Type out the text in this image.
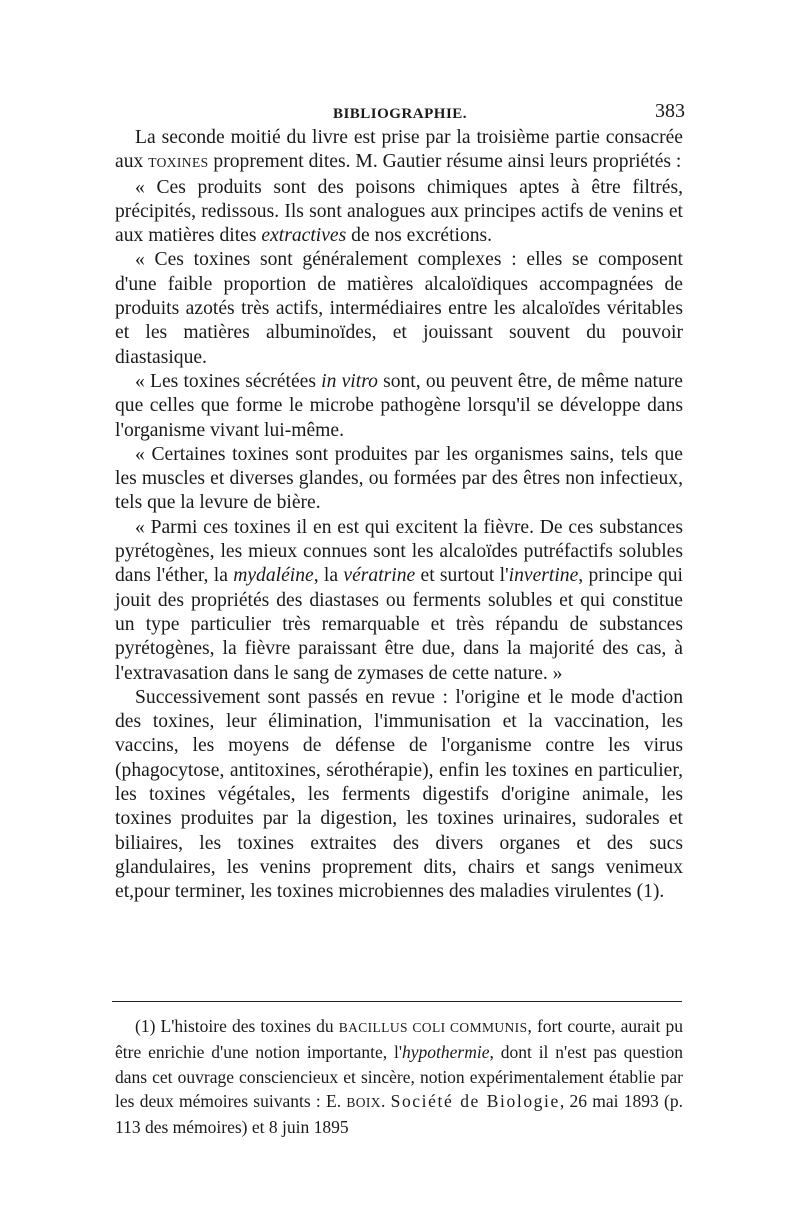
BIBLIOGRAPHIE.	383

La seconde moitié du livre est prise par la troisième partie consacrée aux TOXINES proprement dites. M. Gautier résume ainsi leurs propriétés :

« Ces produits sont des poisons chimiques aptes à être filtrés, précipités, redissous. Ils sont analogues aux principes actifs de venins et aux matières dites extractives de nos excrétions.

« Ces toxines sont généralement complexes : elles se composent d'une faible proportion de matières alcaloïdiques accompagnées de produits azotés très actifs, intermédiaires entre les alcaloïdes véritables et les matières albuminoïdes, et jouissant souvent du pouvoir diastasique.

« Les toxines sécrétées in vitro sont, ou peuvent être, de même nature que celles que forme le microbe pathogène lorsqu'il se développe dans l'organisme vivant lui-même.

« Certaines toxines sont produites par les organismes sains, tels que les muscles et diverses glandes, ou formées par des êtres non infectieux, tels que la levure de bière.

« Parmi ces toxines il en est qui excitent la fièvre. De ces substances pyrétogènes, les mieux connues sont les alcaloïdes putréfactifs solubles dans l'éther, la mydaléine, la vératrine et surtout l'invertine, principe qui jouit des propriétés des diastases ou ferments solubles et qui constitue un type particulier très remarquable et très répandu de substances pyrétogènes, la fièvre paraissant être due, dans la majorité des cas, à l'extravasation dans le sang de zymases de cette nature. »

Successivement sont passés en revue : l'origine et le mode d'action des toxines, leur élimination, l'immunisation et la vaccination, les vaccins, les moyens de défense de l'organisme contre les virus (phagocytose, antitoxines, sérothérapie), enfin les toxines en particulier, les toxines végétales, les ferments digestifs d'origine animale, les toxines produites par la digestion, les toxines urinaires, sudorales et biliaires, les toxines extraites des divers organes et des sucs glandulaires, les venins proprement dits, chairs et sangs venimeux et,pour terminer, les toxines microbiennes des maladies virulentes (1).

(1) L'histoire des toxines du BACILLUS COLI COMMUNIS, fort courte, aurait pu être enrichie d'une notion importante, l'hypothermie, dont il n'est pas question dans cet ouvrage consciencieux et sincère, notion expérimentalement établie par les deux mémoires suivants : E. BOIX. Société de Biologie, 26 mai 1893 (p. 113 des mémoires) et 8 juin 1895
